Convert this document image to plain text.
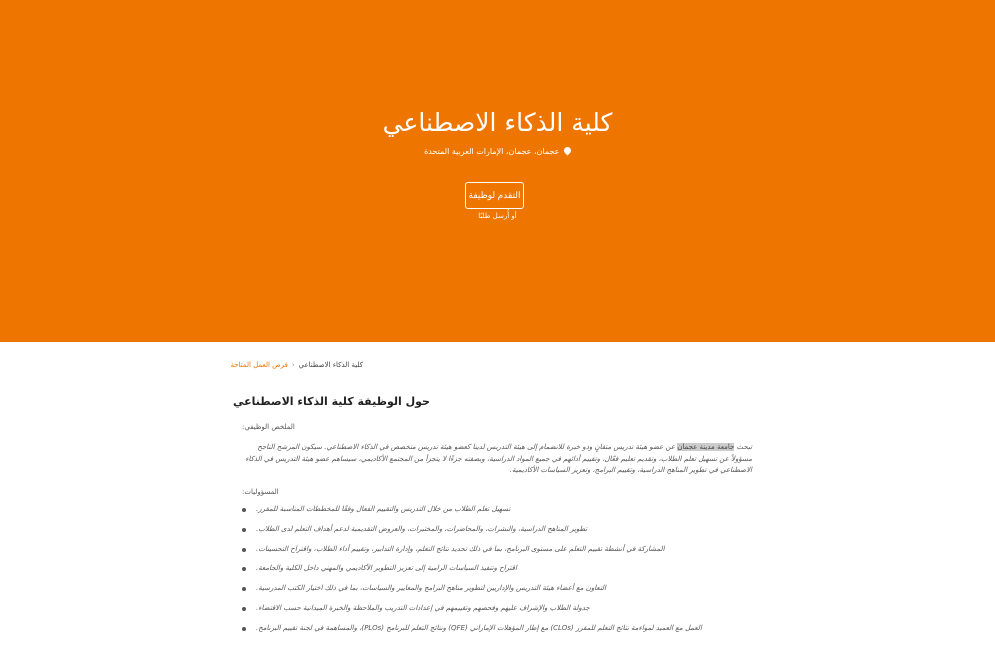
كلية الذكاء الاصطناعي
عجمان، عجمان، الإمارات العربية المتحدة
التقدم لوظيفة
أو أُرسل طلبًا
كلية الذكاء الاصطناعي‹فرص العمل المتاحة
حول الوظيفة كلية الذكاء الاصطناعي
الملخص الوظيفي:

تبحث جامعة مدينة عجمان عن عضو هيئة تدريس متفانٍ وذو خبرة للانضمام إلى هيئة التدريس لدينا كعضو هيئة تدريس متخصص في الذكاء الاصطناعي. سيكون المرشح الناجح مسؤولاً عن تسهيل تعلم الطلاب، وتقديم تعليم فعّال، وتقييم أدائهم في جميع المواد الدراسية، وبصفته جزءًا لا يتجزأ من المجتمع الأكاديمي، سيساهم عضو هيئة التدريس في الذكاء الاصطناعي في تطوير المناهج الدراسية، وتقييم البرامج، وتعزيز السياسات الأكاديمية.

المسؤوليات:
تسهيل تعلم الطلاب من خلال التدريس والتقييم الفعال وفقًا للمخططات المناسبة للمقرر.
تطوير المناهج الدراسية، والنشرات، والمحاضرات، والمختبرات، والعروض التقديمية لدعم أهداف التعلم لدى الطلاب.
المشاركة في أنشطة تقييم التعلم على مستوى البرنامج، بما في ذلك تحديد نتائج التعلم، وإدارة التدابير، وتقييم أداء الطلاب، واقتراح التحسينات.
اقتراح وتنفيذ السياسات الرامية إلى تعزيز التطوير الأكاديمي والمهني داخل الكلية والجامعة.
التعاون مع أعضاء هيئة التدريس والإداريين لتطوير مناهج البرامج والمعايير والسياسات، بما في ذلك اختيار الكتب المدرسية.
جدولة الطلاب والإشراف عليهم وفحصهم وتقييمهم في إعدادات التدريب والملاحظة والخبرة الميدانية حسب الاقتضاء.
العمل مع العميد لمواءمة نتائج التعلم للمقرر (CLOs) مع إطار المؤهلات الإماراتي (QFE) ونتائج التعلم للبرنامج (PLOs)، والمساهمة في لجنة تقييم البرنامج.
